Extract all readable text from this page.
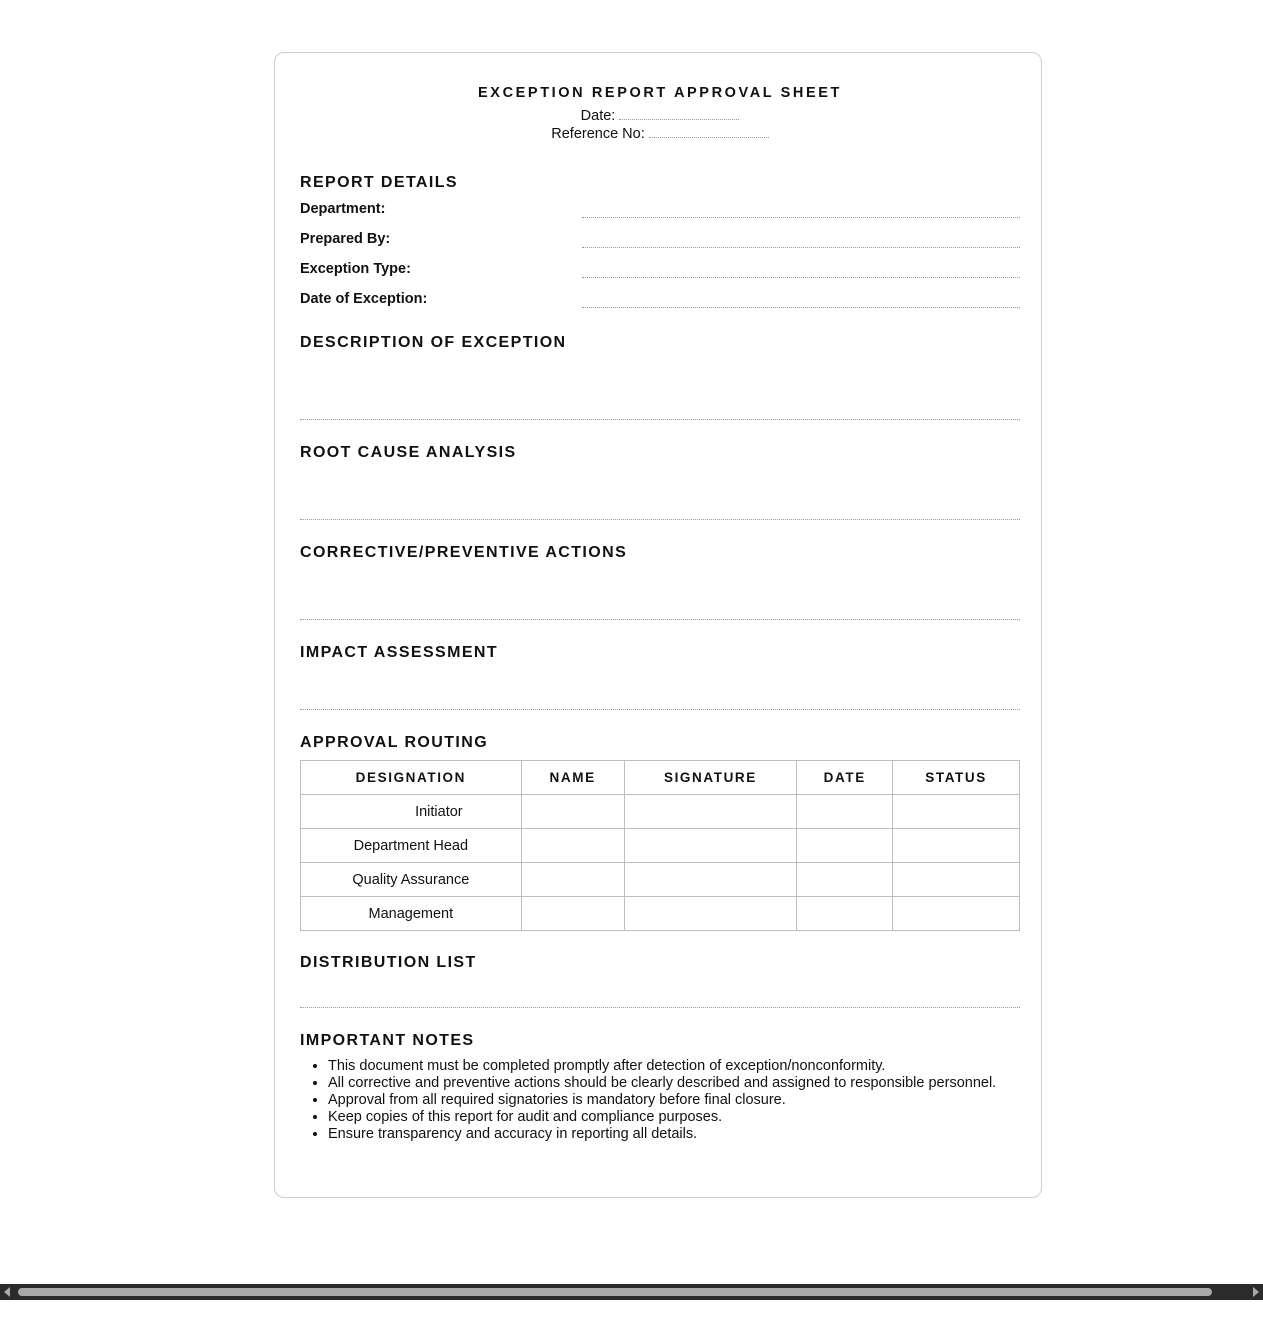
EXCEPTION REPORT APPROVAL SHEET
Date:
Reference No:
REPORT DETAILS
Department:
Prepared By:
Exception Type:
Date of Exception:
DESCRIPTION OF EXCEPTION
ROOT CAUSE ANALYSIS
CORRECTIVE/PREVENTIVE ACTIONS
IMPACT ASSESSMENT
APPROVAL ROUTING
DESIGNATION	NAME	SIGNATURE	DATE	STATUS
Initiator				
Department Head				
Quality Assurance				
Management				
DISTRIBUTION LIST
IMPORTANT NOTES
• This document must be completed promptly after detection of exception/nonconformity.
• All corrective and preventive actions should be clearly described and assigned to responsible personnel.
• Approval from all required signatories is mandatory before final closure.
• Keep copies of this report for audit and compliance purposes.
• Ensure transparency and accuracy in reporting all details.
